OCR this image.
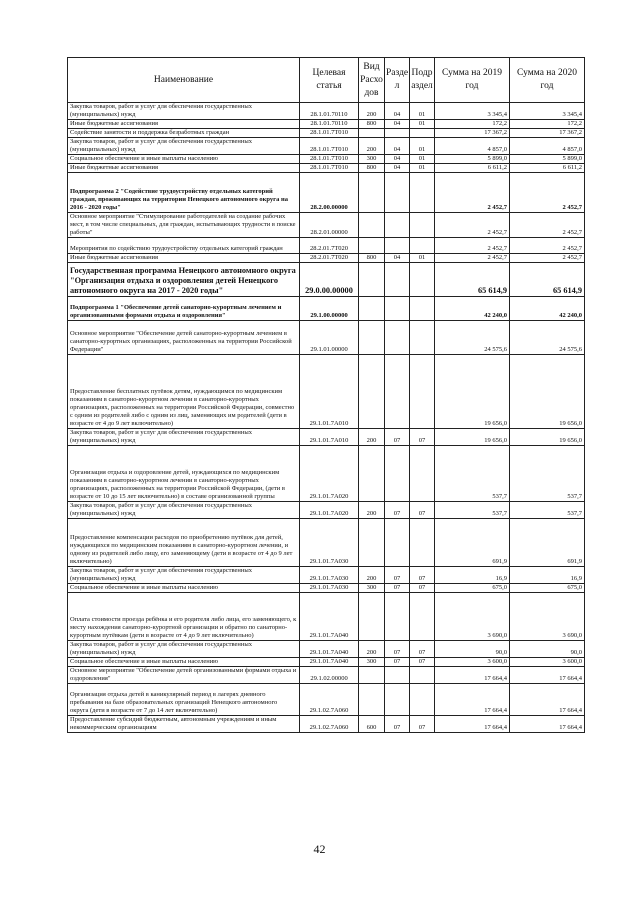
Наименование	Целевая статья	Вид Расхо дов	Разде л	Подр аздел	Сумма на 2019 год	Сумма на 2020 год
Закупка товаров, работ и услуг для обеспечения государственных (муниципальных) нужд	28.1.01.70110	200	04	01	3 345,4	3 345,4
Иные бюджетные ассигнования	28.1.01.70110	800	04	01	172,2	172,2
Содействие занятости и поддержка безработных граждан	28.1.01.7Т010				17 367,2	17 367,2
Закупка товаров, работ и услуг для обеспечения государственных (муниципальных) нужд	28.1.01.7Т010	200	04	01	4 857,0	4 857,0
Социальное обеспечение и иные выплаты населению	28.1.01.7Т010	300	04	01	5 899,0	5 899,0
Иные бюджетные ассигнования	28.1.01.7Т010	800	04	01	6 611,2	6 611,2
Подпрограмма 2 "Содействие трудоустройству отдельных категорий граждан, проживающих на территории Ненецкого автономного округа на 2016 - 2020 годы"	28.2.00.00000				2 452,7	2 452,7
Основное мероприятие "Стимулирование работодателей на создание рабочих мест, в том числе специальных, для граждан, испытывающих трудности в поиске работы"	28.2.01.00000				2 452,7	2 452,7
Мероприятия по содействию трудоустройству отдельных категорий граждан	28.2.01.7Т020				2 452,7	2 452,7
Иные бюджетные ассигнования	28.2.01.7Т020	800	04	01	2 452,7	2 452,7
Государственная программа Ненецкого автономного округа "Организация отдыха и оздоровления детей Ненецкого автономного округа на 2017 - 2020 годы"	29.0.00.00000				65 614,9	65 614,9
Подпрограмма 1 "Обеспечение детей санаторно-курортным лечением и организованными формами отдыха и оздоровления"	29.1.00.00000				42 240,0	42 240,0
Основное мероприятие "Обеспечение детей санаторно-курортным лечением в санаторно-курортных организациях, расположенных на территории Российской Федерации"	29.1.01.00000				24 575,6	24 575,6
Предоставление бесплатных путёвок детям, нуждающимся по медицинским показаниям в санаторно-курортном лечении в санаторно-курортных организациях, расположенных на территории Российской Федерации, совместно с одним из родителей либо с одним из лиц, заменяющих им родителей (дети в возрасте от 4 до 9 лет включительно)	29.1.01.7А010				19 656,0	19 656,0
Закупка товаров, работ и услуг для обеспечения государственных (муниципальных) нужд	29.1.01.7А010	200	07	07	19 656,0	19 656,0
Организация отдыха и оздоровление детей, нуждающихся по медицинским показаниям в санаторно-курортном лечении в санаторно-курортных организациях, расположенных на территории Российской Федерации, (дети в возрасте от 10 до 15 лет включительно) в составе организованной группы	29.1.01.7А020				537,7	537,7
Закупка товаров, работ и услуг для обеспечения государственных (муниципальных) нужд	29.1.01.7А020	200	07	07	537,7	537,7
Предоставление компенсации расходов по приобретению путёвок для детей, нуждающихся по медицинским показаниям в санаторно-курортном лечении, и одному из родителей либо лицу, его заменяющему (дети в возрасте от 4 до 9 лет включительно)	29.1.01.7А030				691,9	691,9
Закупка товаров, работ и услуг для обеспечения государственных (муниципальных) нужд	29.1.01.7А030	200	07	07	16,9	16,9
Социальное обеспечение и иные выплаты населению	29.1.01.7А030	300	07	07	675,0	675,0
Оплата стоимости проезда ребёнка и его родителя либо лица, его заменяющего, к месту нахождения санаторно-курортной организации и обратно по санаторно-курортным путёвкам (дети в возрасте от 4 до 9 лет включительно)	29.1.01.7А040				3 690,0	3 690,0
Закупка товаров, работ и услуг для обеспечения государственных (муниципальных) нужд	29.1.01.7А040	200	07	07	90,0	90,0
Социальное обеспечение и иные выплаты населению	29.1.01.7А040	300	07	07	3 600,0	3 600,0
Основное мероприятие "Обеспечение детей организованными формами отдыха и оздоровления"	29.1.02.00000				17 664,4	17 664,4
Организация отдыха детей в каникулярный период в лагерях дневного пребывания на базе образовательных организаций Ненецкого автономного округа (дети в возрасте от 7 до 14 лет включительно)	29.1.02.7А060				17 664,4	17 664,4
Предоставление субсидий бюджетным, автономным учреждениям и иным некоммерческим организациям	29.1.02.7А060	600	07	07	17 664,4	17 664,4
42
